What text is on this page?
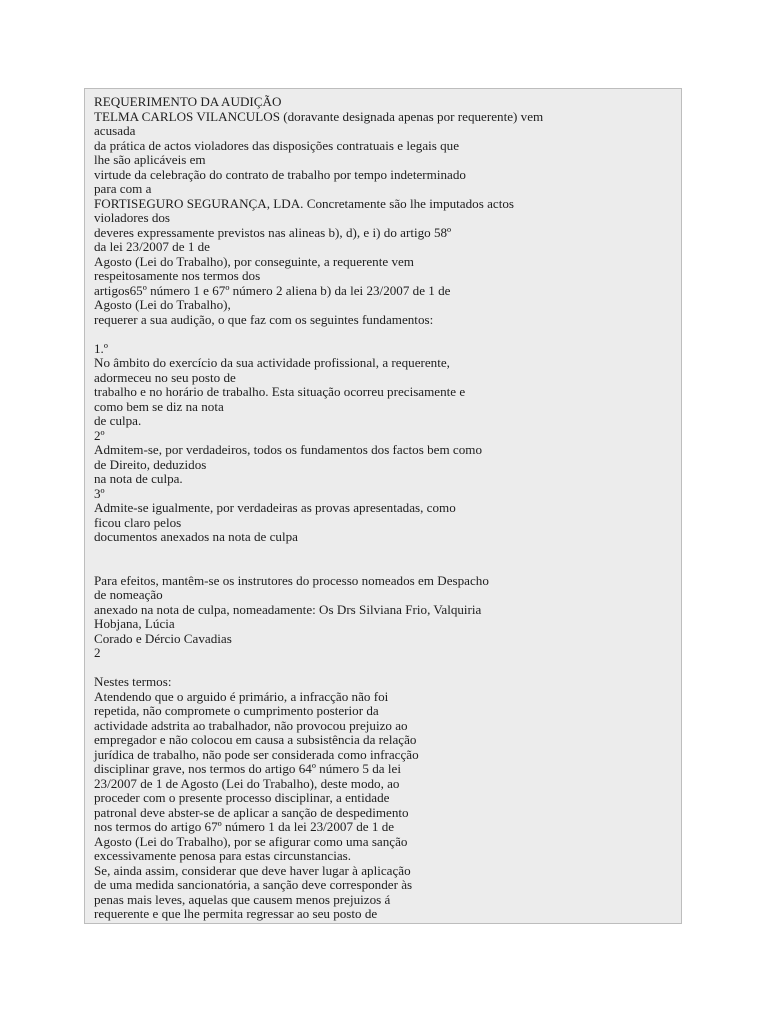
REQUERIMENTO DA AUDIÇÃO
TELMA CARLOS VILANCULOS (doravante designada apenas por requerente) vem
acusada
da prática de actos violadores das disposições contratuais e legais que
lhe são aplicáveis em
virtude da celebração do contrato de trabalho por tempo indeterminado
para com a
FORTISEGURO SEGURANÇA, LDA. Concretamente são lhe imputados actos
violadores dos
deveres expressamente previstos nas alineas b), d), e i) do artigo 58º
da lei 23/2007 de 1 de
Agosto (Lei do Trabalho), por conseguinte, a requerente vem
respeitosamente nos termos dos
artigos65º número 1 e 67º número 2 aliena b) da lei 23/2007 de 1 de
Agosto (Lei do Trabalho),
requerer a sua audição, o que faz com os seguintes fundamentos:
1.º
No âmbito do exercício da sua actividade profissional, a requerente,
adormeceu no seu posto de
trabalho e no horário de trabalho. Esta situação ocorreu precisamente e
como bem se diz na nota
de culpa.
2º
Admitem-se, por verdadeiros, todos os fundamentos dos factos bem como
de Direito, deduzidos
na nota de culpa.
3º
Admite-se igualmente, por verdadeiras as provas apresentadas, como
ficou claro pelos
documentos anexados na nota de culpa
Para efeitos, mantêm-se os instrutores do processo nomeados em Despacho
de nomeação
anexado na nota de culpa, nomeadamente: Os Drs Silviana Frio, Valquiria
Hobjana, Lúcia
Corado e Dércio Cavadias
2
Nestes termos:
Atendendo que o arguido é primário, a infracção não foi
repetida, não compromete o cumprimento posterior da
actividade adstrita ao trabalhador, não provocou prejuizo ao
empregador e não colocou em causa a subsistência da relação
jurídica de trabalho, não pode ser considerada como infracção
disciplinar grave, nos termos do artigo 64º número 5 da lei
23/2007 de 1 de Agosto (Lei do Trabalho), deste modo, ao
proceder com o presente processo disciplinar, a entidade
patronal deve abster-se de aplicar a sanção de despedimento
nos termos do artigo 67º número 1 da lei 23/2007 de 1 de
Agosto (Lei do Trabalho), por se afigurar como uma sanção
excessivamente penosa para estas circunstancias.
Se, ainda assim, considerar que deve haver lugar à aplicação
de uma medida sancionatória, a sanção deve corresponder às
penas mais leves, aquelas que causem menos prejuizos á
requerente e que lhe permita regressar ao seu posto de
